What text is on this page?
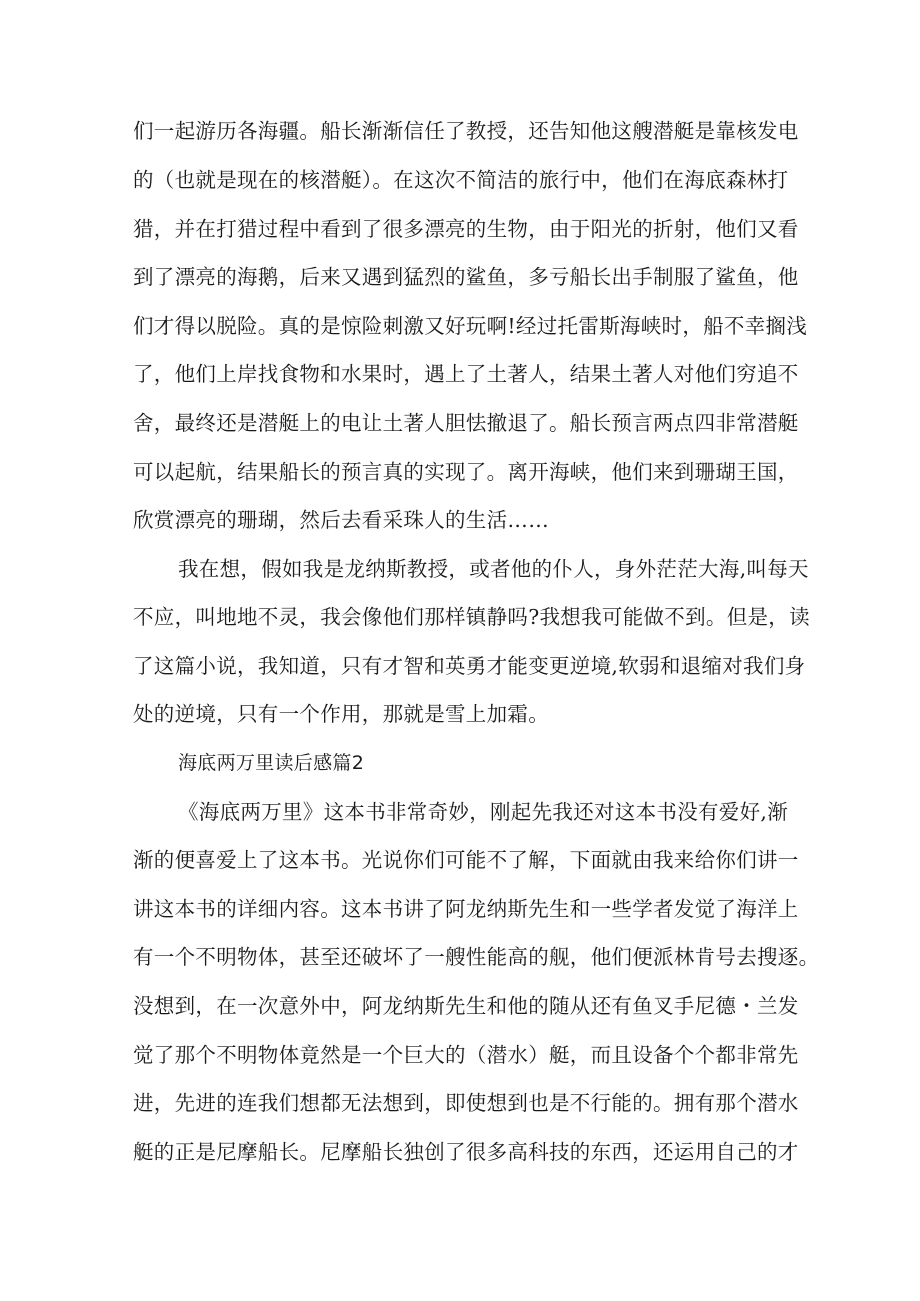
们一起游历各海疆。船长渐渐信任了教授，还告知他这艘潜艇是靠核发电
的（也就是现在的核潜艇）。在这次不简洁的旅行中，他们在海底森林打
猎，并在打猎过程中看到了很多漂亮的生物，由于阳光的折射，他们又看
到了漂亮的海鹅，后来又遇到猛烈的鲨鱼，多亏船长出手制服了鲨鱼，他
们才得以脱险。真的是惊险刺激又好玩啊!经过托雷斯海峡时，船不幸搁浅
了，他们上岸找食物和水果时，遇上了土著人，结果土著人对他们穷追不
舍，最终还是潜艇上的电让土著人胆怯撤退了。船长预言两点四非常潜艇
可以起航，结果船长的预言真的实现了。离开海峡，他们来到珊瑚王国，
欣赏漂亮的珊瑚，然后去看采珠人的生活……
我在想，假如我是龙纳斯教授，或者他的仆人，身外茫茫大海,叫每天
不应，叫地地不灵，我会像他们那样镇静吗?我想我可能做不到。但是，读
了这篇小说，我知道，只有才智和英勇才能变更逆境,软弱和退缩对我们身
处的逆境，只有一个作用，那就是雪上加霜。
海底两万里读后感篇2
《海底两万里》这本书非常奇妙，刚起先我还对这本书没有爱好,渐
渐的便喜爱上了这本书。光说你们可能不了解，下面就由我来给你们讲一
讲这本书的详细内容。这本书讲了阿龙纳斯先生和一些学者发觉了海洋上
有一个不明物体，甚至还破坏了一艘性能高的舰，他们便派林肯号去搜逐。
没想到，在一次意外中，阿龙纳斯先生和他的随从还有鱼叉手尼德・兰发
觉了那个不明物体竟然是一个巨大的（潜水）艇，而且设备个个都非常先
进，先进的连我们想都无法想到，即使想到也是不行能的。拥有那个潜水
艇的正是尼摩船长。尼摩船长独创了很多高科技的东西，还运用自己的才
